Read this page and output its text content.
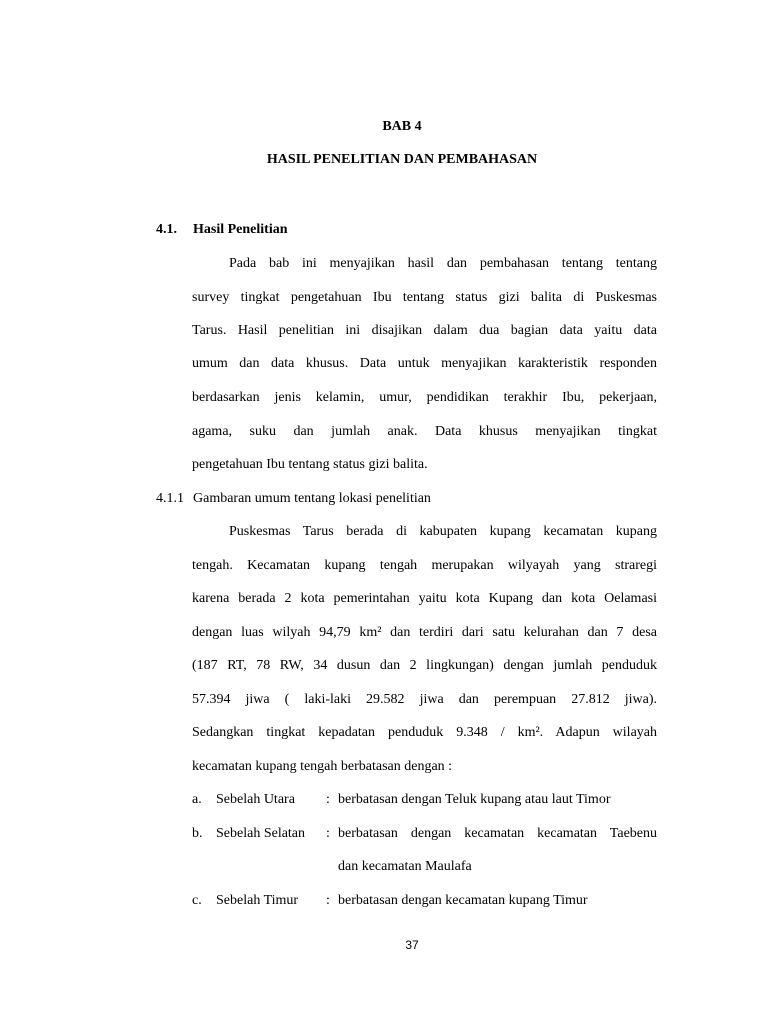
BAB 4
HASIL PENELITIAN DAN PEMBAHASAN
4.1. Hasil Penelitian
Pada bab ini menyajikan hasil dan pembahasan tentang tentang
survey tingkat pengetahuan Ibu tentang status gizi balita di Puskesmas
Tarus. Hasil penelitian ini disajikan dalam dua bagian data yaitu data
umum dan data khusus. Data untuk menyajikan karakteristik responden
berdasarkan jenis kelamin, umur, pendidikan terakhir Ibu, pekerjaan,
agama, suku dan jumlah anak. Data khusus menyajikan tingkat
pengetahuan Ibu tentang status gizi balita.
4.1.1 Gambaran umum tentang lokasi penelitian
Puskesmas Tarus berada di kabupaten kupang kecamatan kupang
tengah. Kecamatan kupang tengah merupakan wilyayah yang straregi
karena berada 2 kota pemerintahan yaitu kota Kupang dan kota Oelamasi
dengan luas wilyah 94,79 km² dan terdiri dari satu kelurahan dan 7 desa
(187 RT, 78 RW, 34 dusun dan 2 lingkungan) dengan jumlah penduduk
57.394 jiwa ( laki-laki 29.582 jiwa dan perempuan 27.812 jiwa).
Sedangkan tingkat kepadatan penduduk 9.348 / km². Adapun wilayah
kecamatan kupang tengah berbatasan dengan :
a. Sebelah Utara : berbatasan dengan Teluk kupang atau laut Timor
b. Sebelah Selatan : berbatasan dengan kecamatan kecamatan Taebenu
dan kecamatan Maulafa
c. Sebelah Timur : berbatasan dengan kecamatan kupang Timur
37
